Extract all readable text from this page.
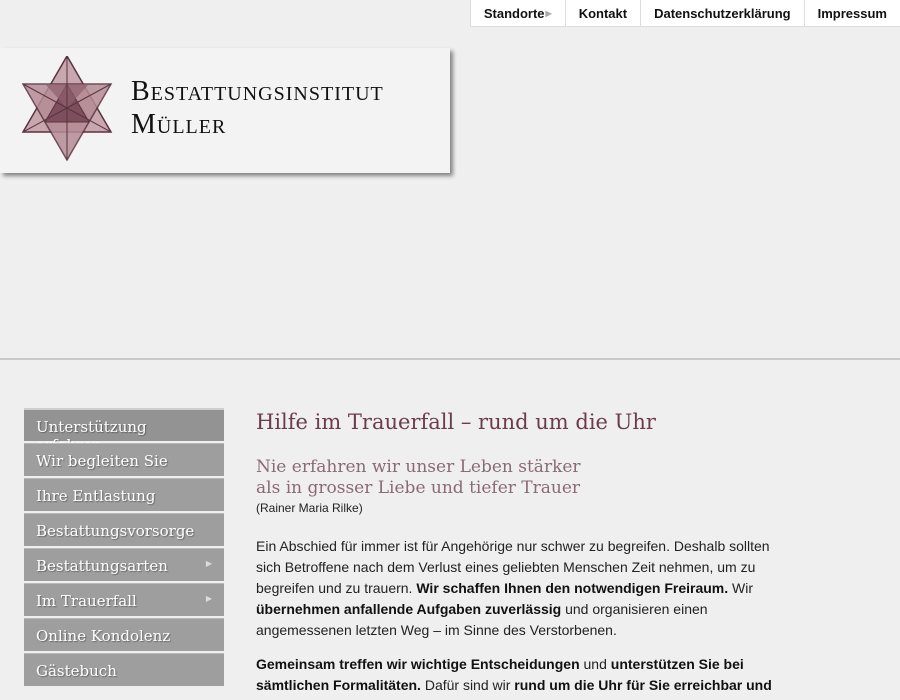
Standorte▶	Kontakt	Datenschutzerklärung	Impressum
Bestattungsinstitut
Müller
Unterstützung
Wir begleiten Sie
Ihre Entlastung
Bestattungsvorsorge
Bestattungsarten	▶
Im Trauerfall	▶
Online Kondolenz
Gästebuch
Hilfe im Trauerfall – rund um die Uhr
Nie erfahren wir unser Leben stärker
als in grosser Liebe und tiefer Trauer
(Rainer Maria Rilke)

Ein Abschied für immer ist für Angehörige nur schwer zu begreifen. Deshalb sollten sich Betroffene nach dem Verlust eines geliebten Menschen Zeit nehmen, um zu begreifen und zu trauern. Wir schaffen Ihnen den notwendigen Freiraum. Wir übernehmen anfallende Aufgaben zuverlässig und organisieren einen angemessenen letzten Weg – im Sinne des Verstorbenen.

Gemeinsam treffen wir wichtige Entscheidungen und unterstützen Sie bei sämtlichen Formalitäten. Dafür sind wir rund um die Uhr für Sie erreichbar und
